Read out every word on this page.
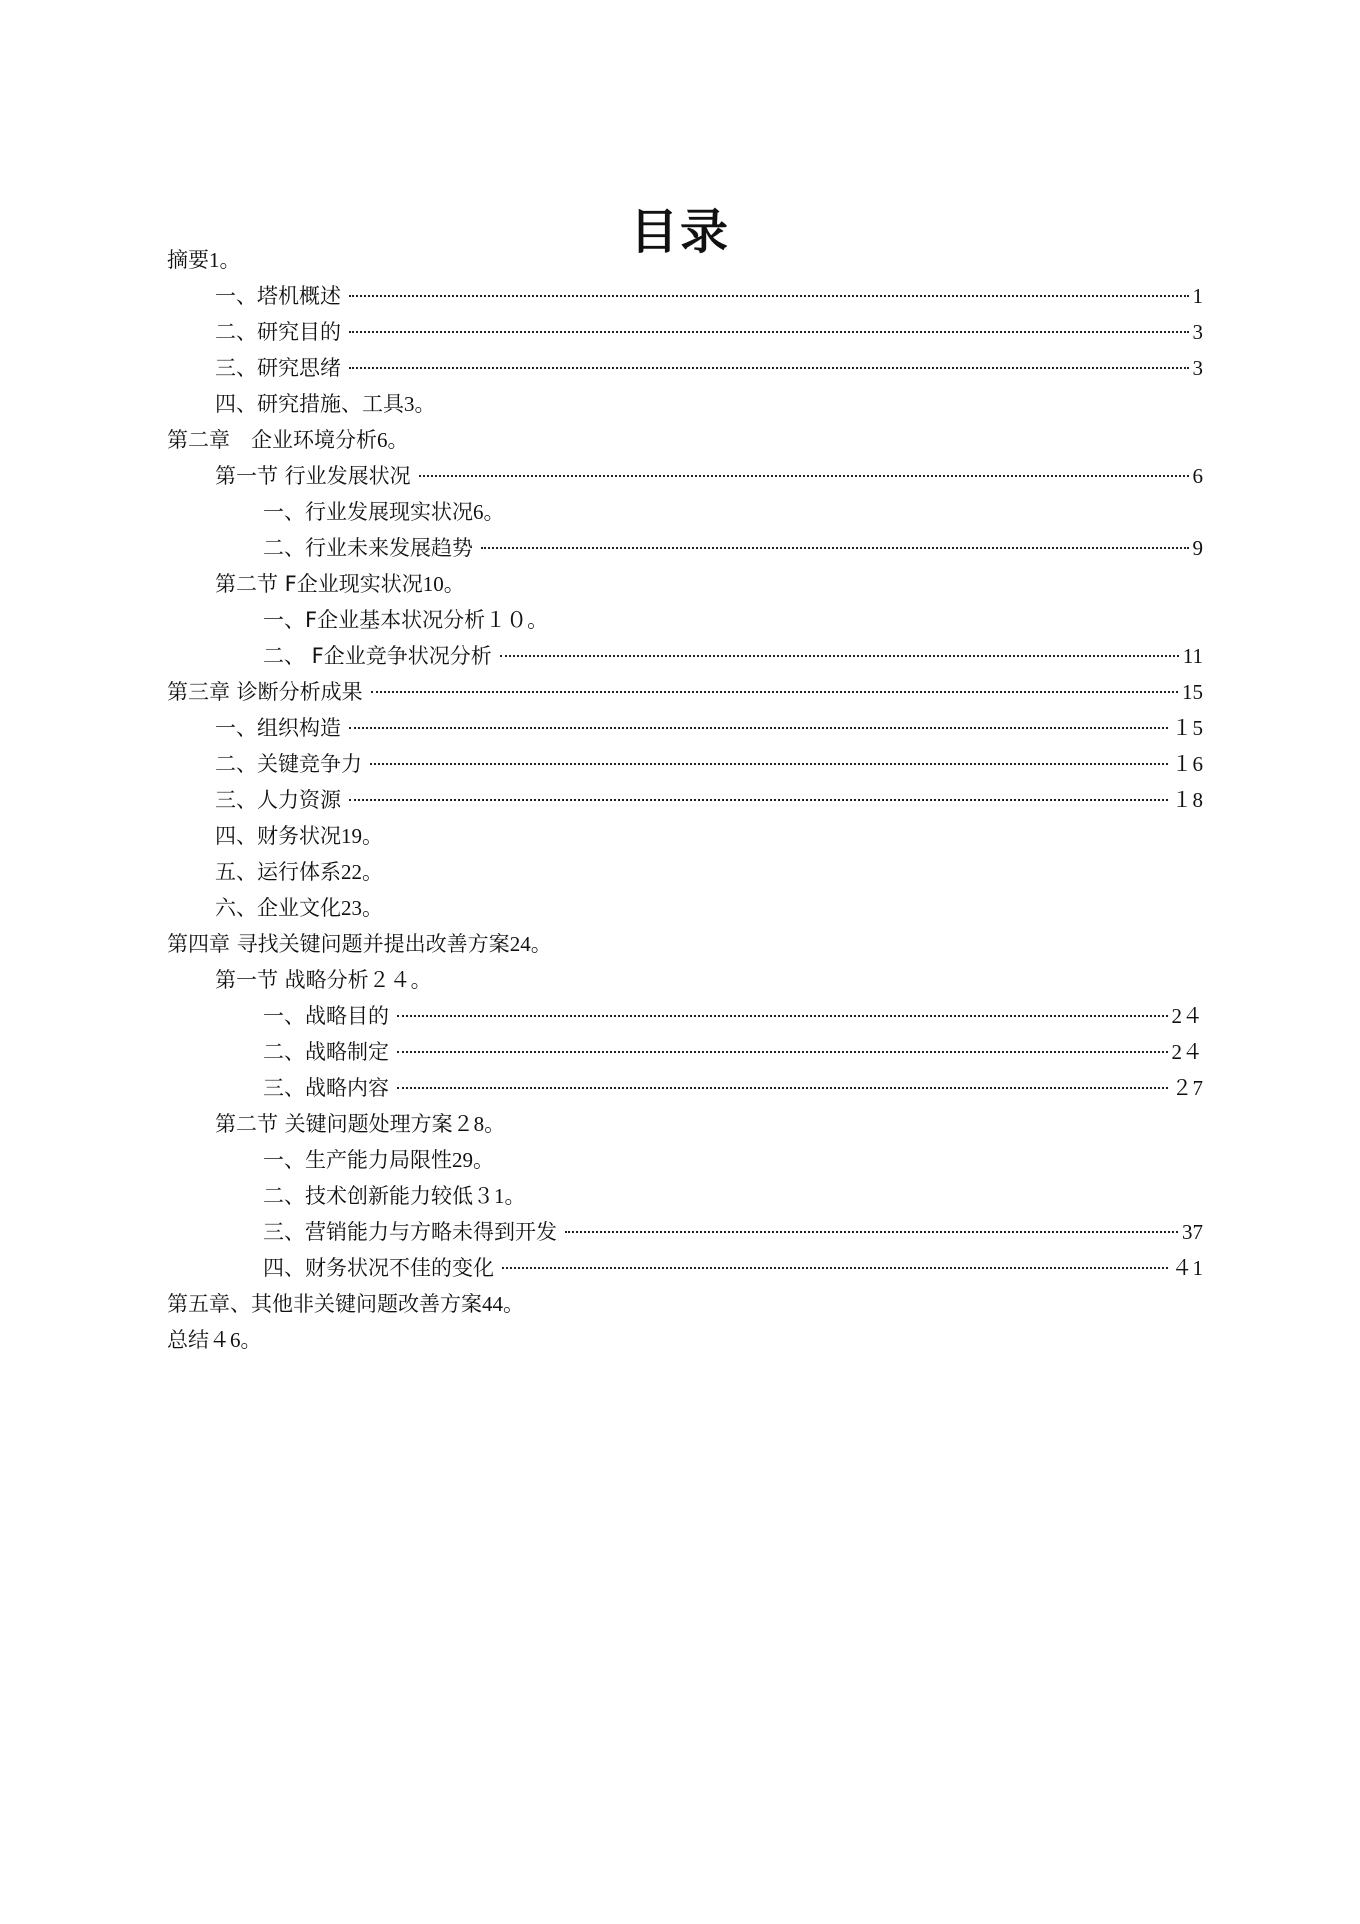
目录
摘要 1。
一、塔机概述	1
二、研究目的	3
三、研究思绪	3
四、研究措施、工具 3。
第二章　企业环境分析 6。
第一节 行业发展状况	6
一、行业发展现实状况 6。
二、行业未来发展趋势	9
第二节 F企业现实状况 10。
一、F企业基本状况分析 １０。
二、 F企业竞争状况分析	11
第三章 诊断分析成果	15
一、组织构造	１5
二、关键竞争力	１6
三、人力资源	１8
四、财务状况 19。
五、运行体系 22。
六、企业文化 23。
第四章 寻找关键问题并提出改善方案 24。
第一节 战略分析 ２４。
一、战略目的	2４
二、战略制定	2４
三、战略内容	２7
第二节 关键问题处理方案 ２8。
一、生产能力局限性 29。
二、技术创新能力较低 ３1。
三、营销能力与方略未得到开发	37
四、财务状况不佳的变化	４1
第五章、其他非关键问题改善方案 44。
总结 ４6。
